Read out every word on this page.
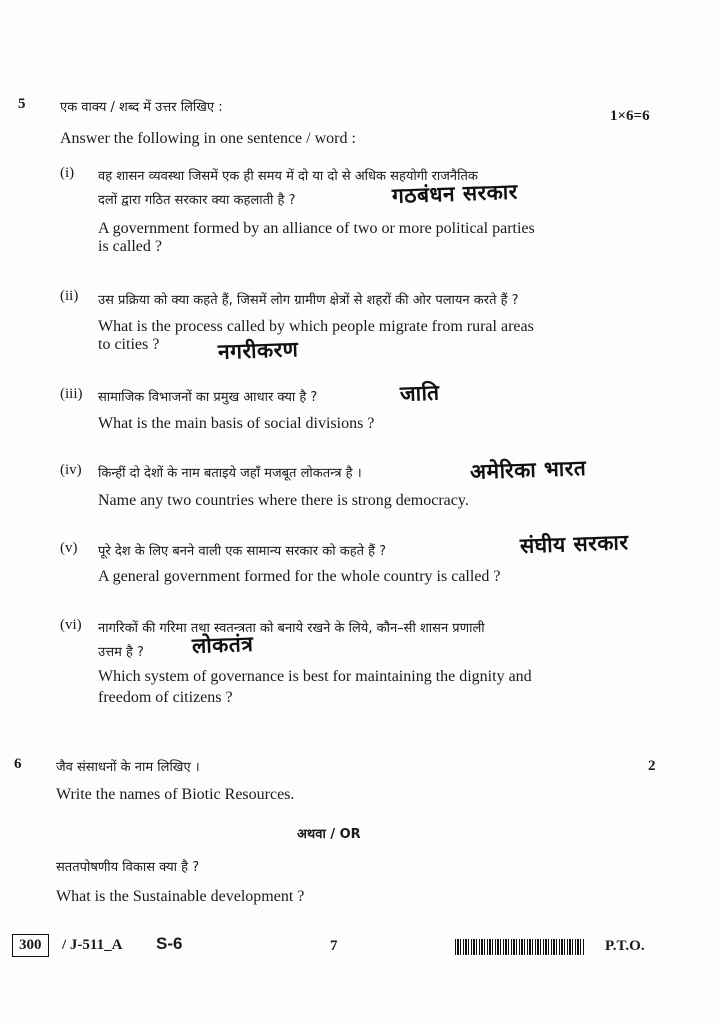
5	एक वाक्य / शब्द में उत्तर लिखिए :
1×6=6
Answer the following in one sentence / word :
(i) वह शासन व्यवस्था जिसमें एक ही समय में दो या दो से अधिक सहयोगी राजनैतिक
दलों द्वारा गठित सरकार क्या कहलाती है ?	गठबंधन सरकार
A government formed by an alliance of two or more political parties
is called ?
(ii) उस प्रक्रिया को क्या कहते हैं, जिसमें लोग ग्रामीण क्षेत्रों से शहरों की ओर पलायन करते हैं ?
What is the process called by which people migrate from rural areas
to cities ?	नगरीकरण
(iii) सामाजिक विभाजनों का प्रमुख आधार क्या है ?	जाति
What is the main basis of social divisions ?
(iv) किन्हीं दो देशों के नाम बताइये जहाँ मजबूत लोकतन्त्र है ।	अमेरिका भारत
Name any two countries where there is strong democracy.
(v) पूरे देश के लिए बनने वाली एक सामान्य सरकार को कहते हैं ?	संघीय सरकार
A general government formed for the whole country is called ?
(vi) नागरिकों की गरिमा तथा स्वतन्त्रता को बनाये रखने के लिये, कौन–सी शासन प्रणाली
उत्तम है ? लोकतंत्र
Which system of governance is best for maintaining the dignity and
freedom of citizens ?
6	जैव संसाधनों के नाम लिखिए ।	2
Write the names of Biotic Resources.
अथवा / OR
सततपोषणीय विकास क्या है ?
What is the Sustainable development ?
300	/ J-511_A S-6	7	P.T.O.
